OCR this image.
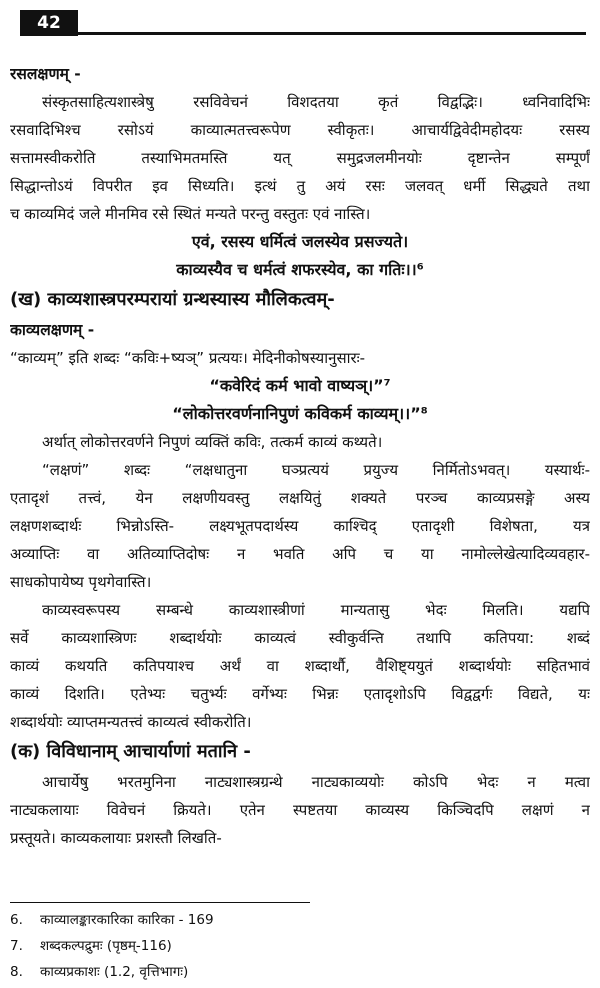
42
रसलक्षणम् -
संस्कृतसाहित्यशास्त्रेषु रसविवेचनं विशदतया कृतं विद्वद्भिः। ध्वनिवादिभिः
रसवादिभिश्च रसोऽयं काव्यात्मतत्त्वरूपेण स्वीकृतः। आचार्यद्विवेदीमहोदयः रसस्य
सत्तामस्वीकरोति तस्याभिमतमस्ति यत् समुद्रजलमीनयोः दृष्टान्तेन सम्पूर्णं
सिद्धान्तोऽयं विपरीत इव सिध्यति। इत्थं तु अयं रसः जलवत् धर्मी सिद्ध्यते तथा
च काव्यमिदं जले मीनमिव रसे स्थितं मन्यते परन्तु वस्तुतः एवं नास्ति।
एवं, रसस्य धर्मित्वं जलस्येव प्रसज्यते।
काव्यस्यैव च धर्मत्वं शफरस्येव, का गतिः।।⁶
(ख) काव्यशास्त्रपरम्परायां ग्रन्थस्यास्य मौलिकत्वम्-
काव्यलक्षणम् -
“काव्यम्” इति शब्दः “कविः+ष्यञ्” प्रत्ययः। मेदिनीकोषस्यानुसारः-
“कवेरिदं कर्म भावो वाष्यञ्।”⁷
“लोकोत्तरवर्णनानिपुणं कविकर्म काव्यम्।।”⁸
अर्थात् लोकोत्तरवर्णने निपुणं व्यक्तिं कविः, तत्कर्म काव्यं कथ्यते।
“लक्षणं” शब्दः “लक्षधातुना घञ्प्रत्ययं प्रयुज्य निर्मितोऽभवत्। यस्यार्थः-
एतादृशं तत्त्वं, येन लक्षणीयवस्तु लक्षयितुं शक्यते परञ्च काव्यप्रसङ्गे अस्य
लक्षणशब्दार्थः भिन्नोऽस्ति- लक्ष्यभूतपदार्थस्य काश्चिद् एतादृशी विशेषता, यत्र
अव्याप्तिः वा अतिव्याप्तिदोषः न भवति अपि च या नामोल्लेखेत्यादिव्यवहार-
साधकोपायेष्य पृथगेवास्ति।
काव्यस्वरूपस्य सम्बन्धे काव्यशास्त्रीणां मान्यतासु भेदः मिलति। यद्यपि
सर्वे काव्यशास्त्रिणः शब्दार्थयोः काव्यत्वं स्वीकुर्वन्ति तथापि कतिपया: शब्दं
काव्यं कथयति कतिपयाश्च अर्थं वा शब्दार्थौ, वैशिष्ट्ययुतं शब्दार्थयोः सहितभावं
काव्यं दिशति। एतेभ्यः चतुर्भ्यः वर्गेभ्यः भिन्नः एतादृशोऽपि विद्वद्वर्गः विद्यते, यः
शब्दार्थयोः व्याप्तमन्यतत्त्वं काव्यत्वं स्वीकरोति।
(क) विविधानाम् आचार्याणां मतानि -
आचार्येषु भरतमुनिना नाट्यशास्त्रग्रन्थे नाट्यकाव्ययोः कोऽपि भेदः न मत्वा
नाट्यकलायाः विवेचनं क्रियते। एतेन स्पष्टतया काव्यस्य किञ्चिदपि लक्षणं न
प्रस्तूयते। काव्यकलायाः प्रशस्तौ लिखति-
6. काव्यालङ्कारकारिका कारिका - 169
7. शब्दकल्पद्रुमः (पृष्ठम्-116)
8. काव्यप्रकाशः (1.2, वृत्तिभागः)
